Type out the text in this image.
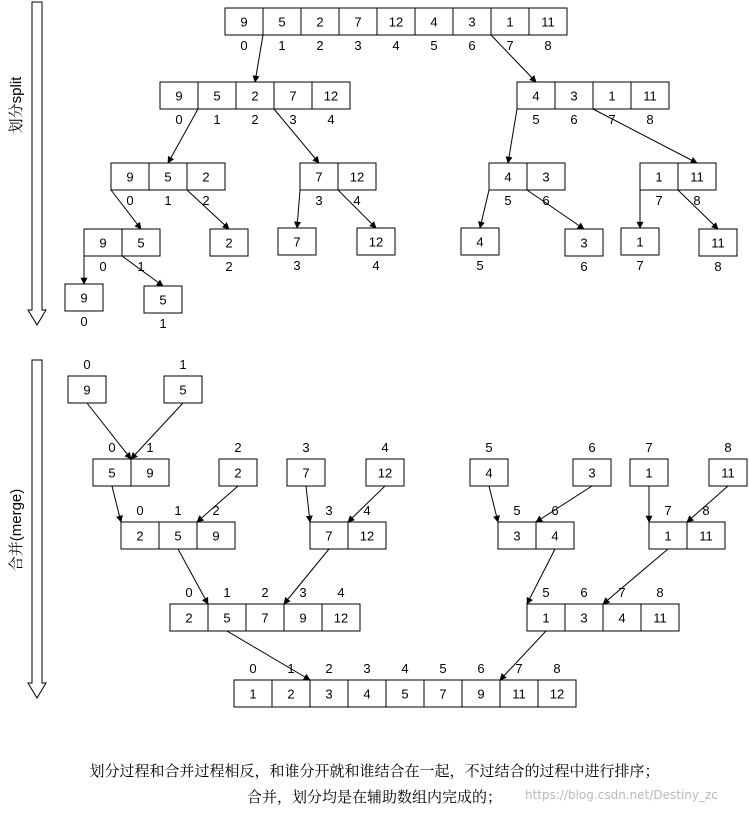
划分split
合并(merge)
9
0
5
1
2
2
7
3
12
4
4
5
3
6
1
7
11
8
9
0
5
1
2
2
7
3
12
4
4
5
3
6
1
7
11
8
9
0
5
1
2
2
7
3
12
4
4
5
3
6
1
7
11
8
9
0
5
1
2
2
7
3
12
4
4
5
3
6
1
7
11
8
9
0
5
1
9
0
5
1
5
0
9
1
2
2
7
3
12
4
4
5
3
6
1
7
11
8
2
0
5
1
9
2
7
3
12
4
3
5
4
6
1
7
11
8
2
0
5
1
7
2
9
3
12
4
1
5
3
6
4
7
11
8
1
0
2
1
3
2
4
3
5
4
7
5
9
6
11
7
12
8
划分过程和合并过程相反，和谁分开就和谁结合在一起，不过结合的过程中进行排序；
合并，划分均是在辅助数组内完成的；	https://blog.csdn.net/Destiny_zc
